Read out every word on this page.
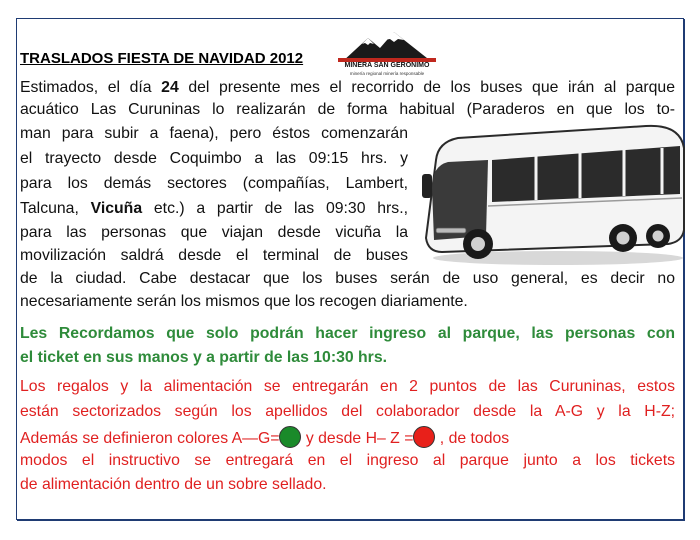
TRASLADOS FIESTA DE NAVIDAD 2012	MINERA SAN GERONIMO
minería regional minería responsable
Estimados, el día 24 del presente mes el recorrido de los buses que irán al parque
acuático Las Curuninas lo realizarán de forma habitual (Paraderos en que los to-
man para subir a faena), pero éstos comenzarán
el trayecto desde Coquimbo a las 09:15 hrs. y
para los demás sectores (compañías, Lambert,
Talcuna, Vicuña etc.) a partir de las 09:30 hrs.,
para las personas que viajan desde vicuña la
movilización saldrá desde el terminal de buses
de la ciudad. Cabe destacar que los buses serán de uso general, es decir no
necesariamente serán los mismos que los recogen diariamente.
Les Recordamos que solo podrán hacer ingreso al parque, las personas con
el ticket en sus manos y a partir de las 10:30 hrs.
Los regalos y la alimentación se entregarán en 2 puntos de las Curuninas, estos
están sectorizados según los apellidos del colaborador desde la A-G y la H-Z;
Además se definieron colores A—G= y desde H– Z = , de todos
modos el instructivo se entregará en el ingreso al parque junto a los tickets
de alimentación dentro de un sobre sellado.
